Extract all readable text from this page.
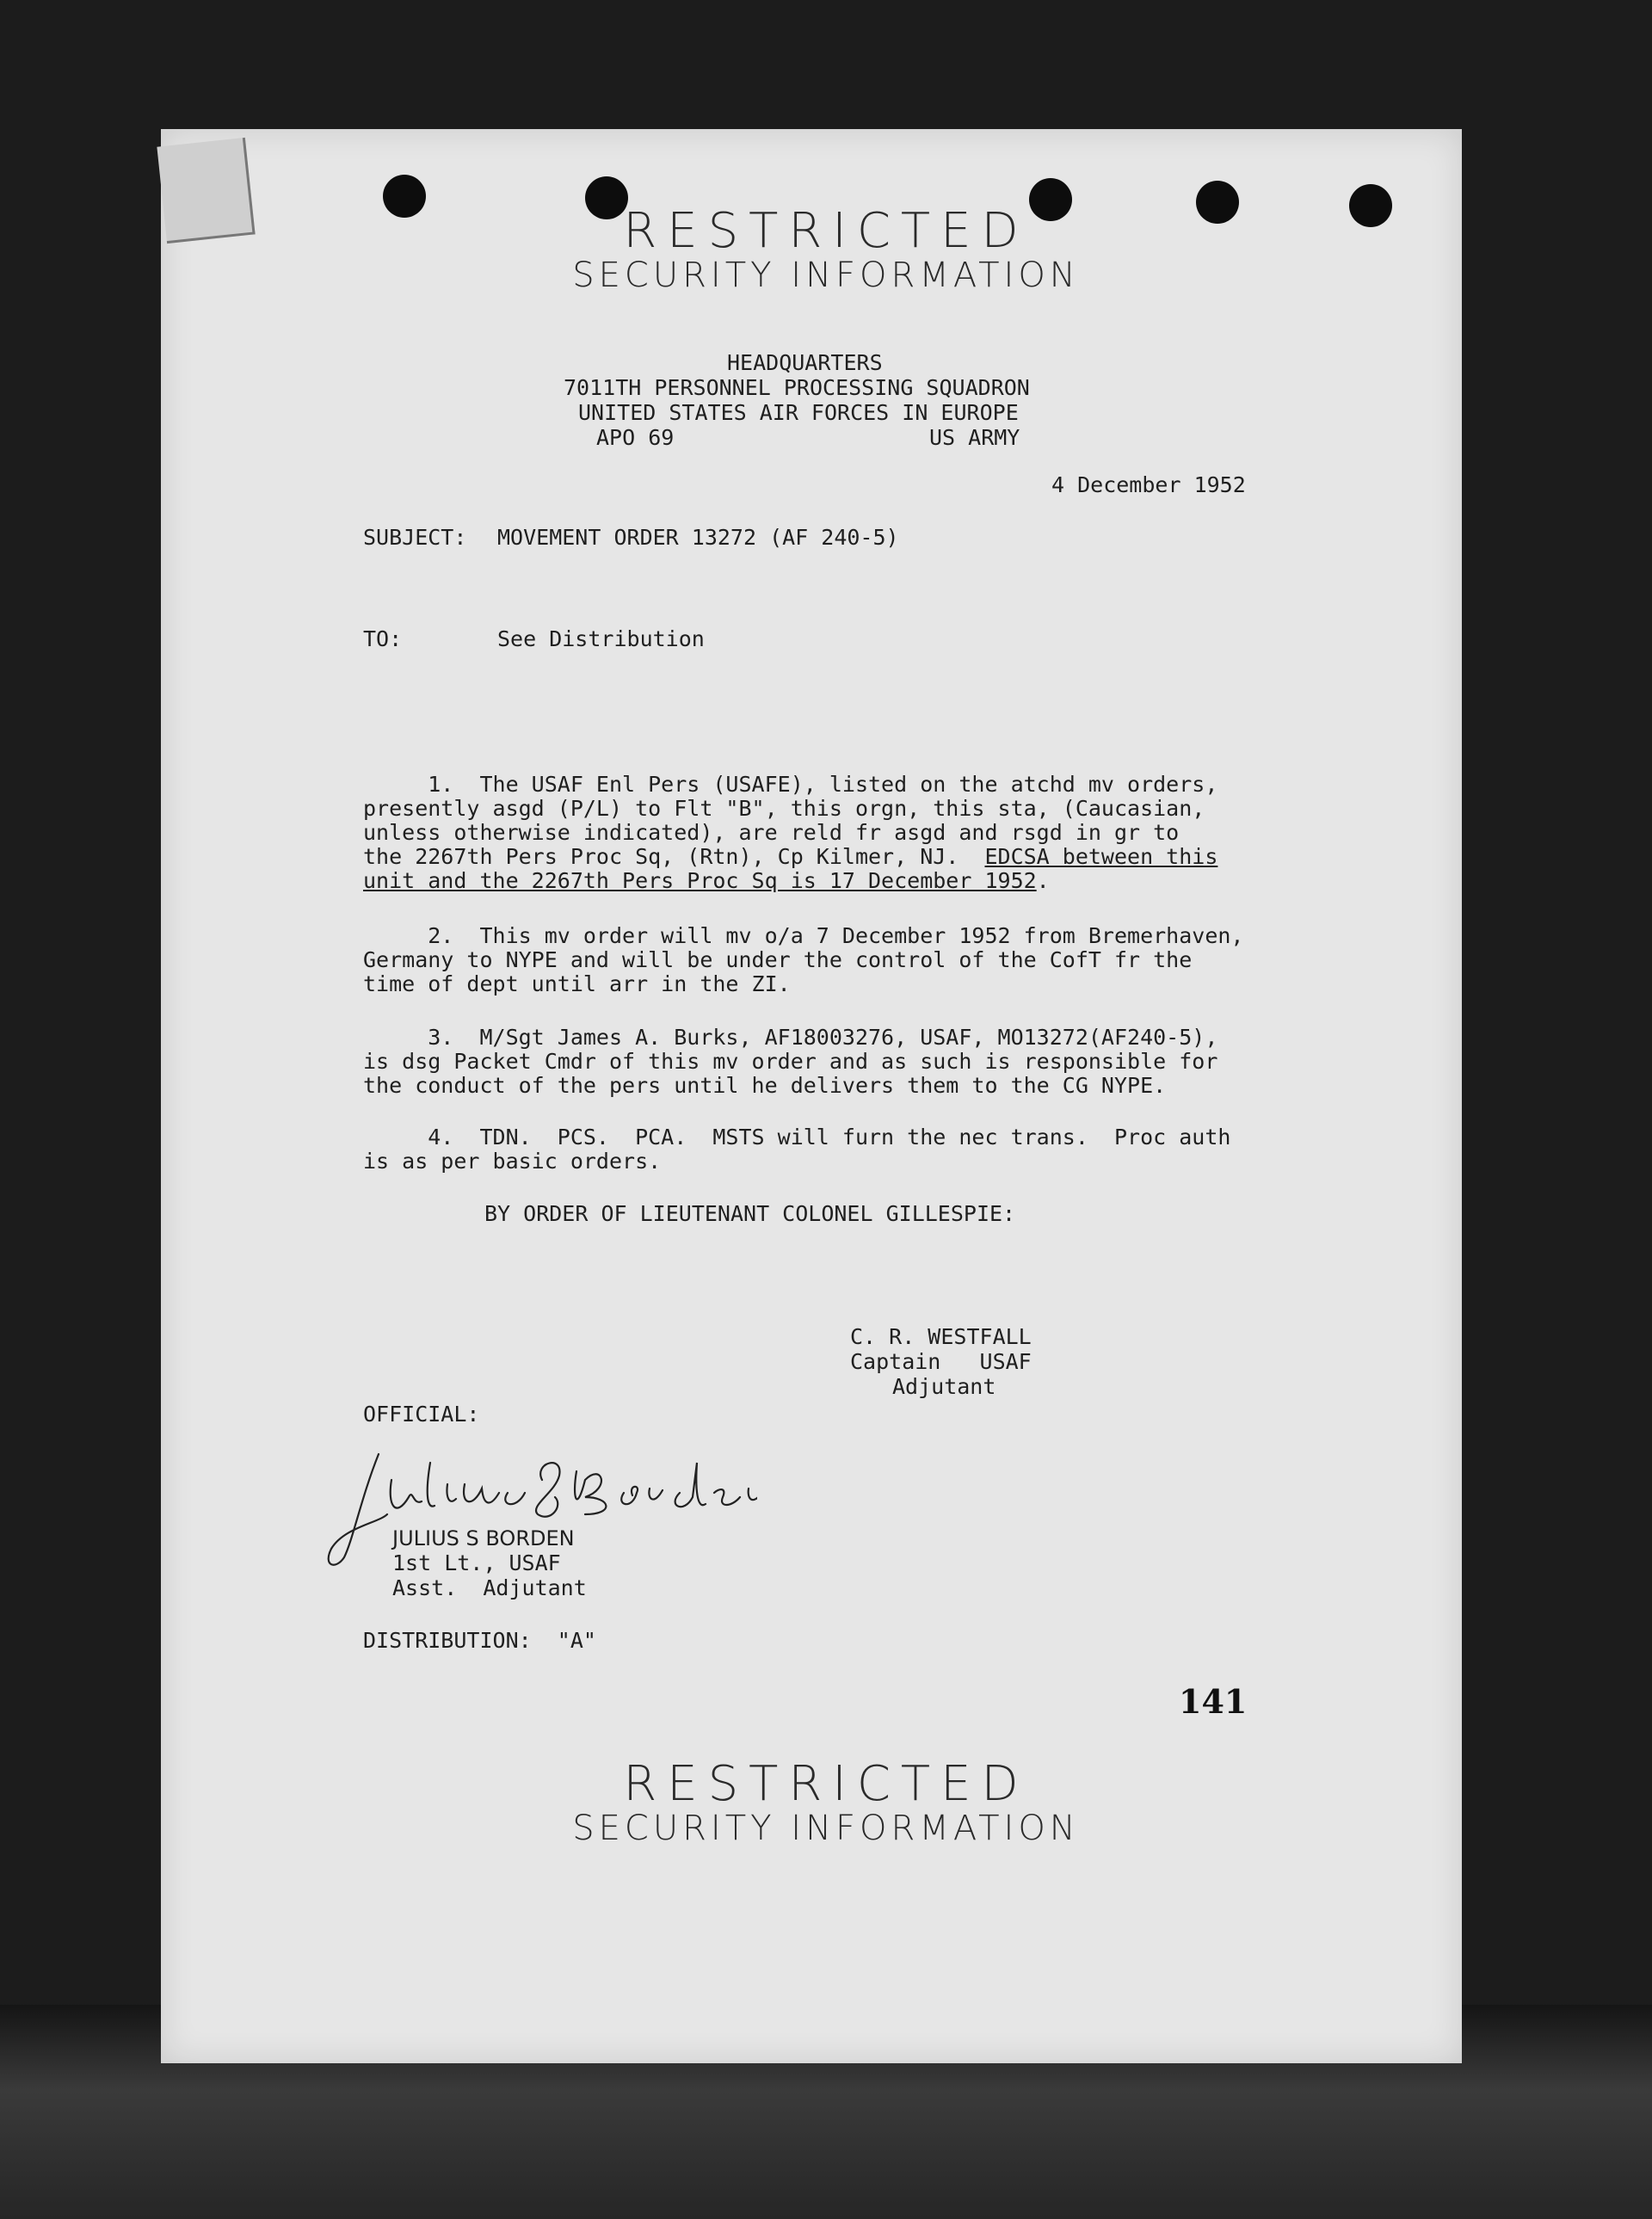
RESTRICTED
SECURITY INFORMATION
HEADQUARTERS
7011TH PERSONNEL PROCESSING SQUADRON
UNITED STATES AIR FORCES IN EUROPE
APO 69	US ARMY
4 December 1952
SUBJECT: MOVEMENT ORDER 13272 (AF 240-5)
TO:	See Distribution
1.  The USAF Enl Pers (USAFE), listed on the atchd mv orders,
presently asgd (P/L) to Flt "B", this orgn, this sta, (Caucasian,
unless otherwise indicated), are reld fr asgd and rsgd in gr to
the 2267th Pers Proc Sq, (Rtn), Cp Kilmer, NJ.  EDCSA between this
unit and the 2267th Pers Proc Sq is 17 December 1952.
2.  This mv order will mv o/a 7 December 1952 from Bremerhaven,
Germany to NYPE and will be under the control of the CofT fr the
time of dept until arr in the ZI.
3.  M/Sgt James A. Burks, AF18003276, USAF, MO13272(AF240-5),
is dsg Packet Cmdr of this mv order and as such is responsible for
the conduct of the pers until he delivers them to the CG NYPE.
4.  TDN.  PCS.  PCA.  MSTS will furn the nec trans.  Proc auth
is as per basic orders.
BY ORDER OF LIEUTENANT COLONEL GILLESPIE:
C. R. WESTFALL
Captain   USAF
Adjutant
OFFICIAL:
JULIUS S BORDEN
1st Lt., USAF
Asst.  Adjutant
DISTRIBUTION:  "A"
141
RESTRICTED
SECURITY INFORMATION
